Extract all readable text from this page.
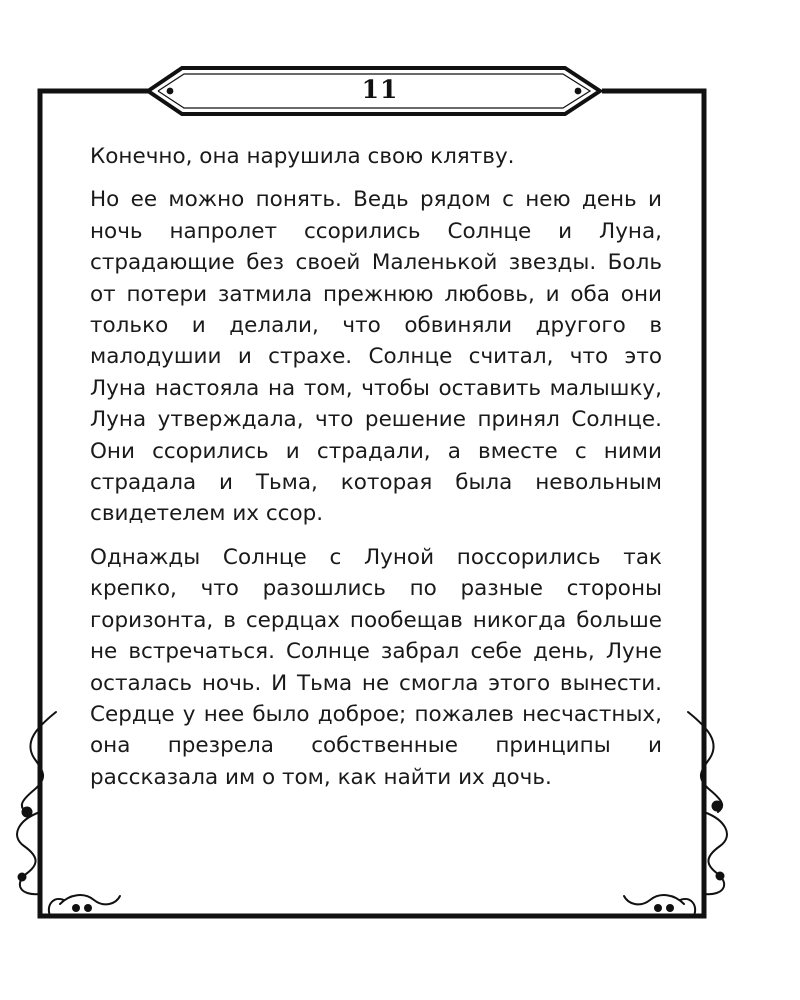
11

Конечно, она нарушила свою клятву.

Но ее можно понять. Ведь рядом с нею день и ночь напролет ссорились Солнце и Луна, страдающие без своей Маленькой звезды. Боль от потери затмила прежнюю любовь, и оба они только и делали, что обвиняли другого в малодушии и страхе. Солнце считал, что это Луна настояла на том, чтобы оставить малышку, Луна утверждала, что решение принял Солнце. Они ссорились и страдали, а вместе с ними страдала и Тьма, которая была невольным свидетелем их ссор.

Однажды Солнце с Луной поссорились так крепко, что разошлись по разные стороны горизонта, в сердцах пообещав никогда больше не встречаться. Солнце забрал себе день, Луне осталась ночь. И Тьма не смогла этого вынести. Сердце у нее было доброе; пожалев несчастных, она презрела собственные принципы и рассказала им о том, как найти их дочь.
